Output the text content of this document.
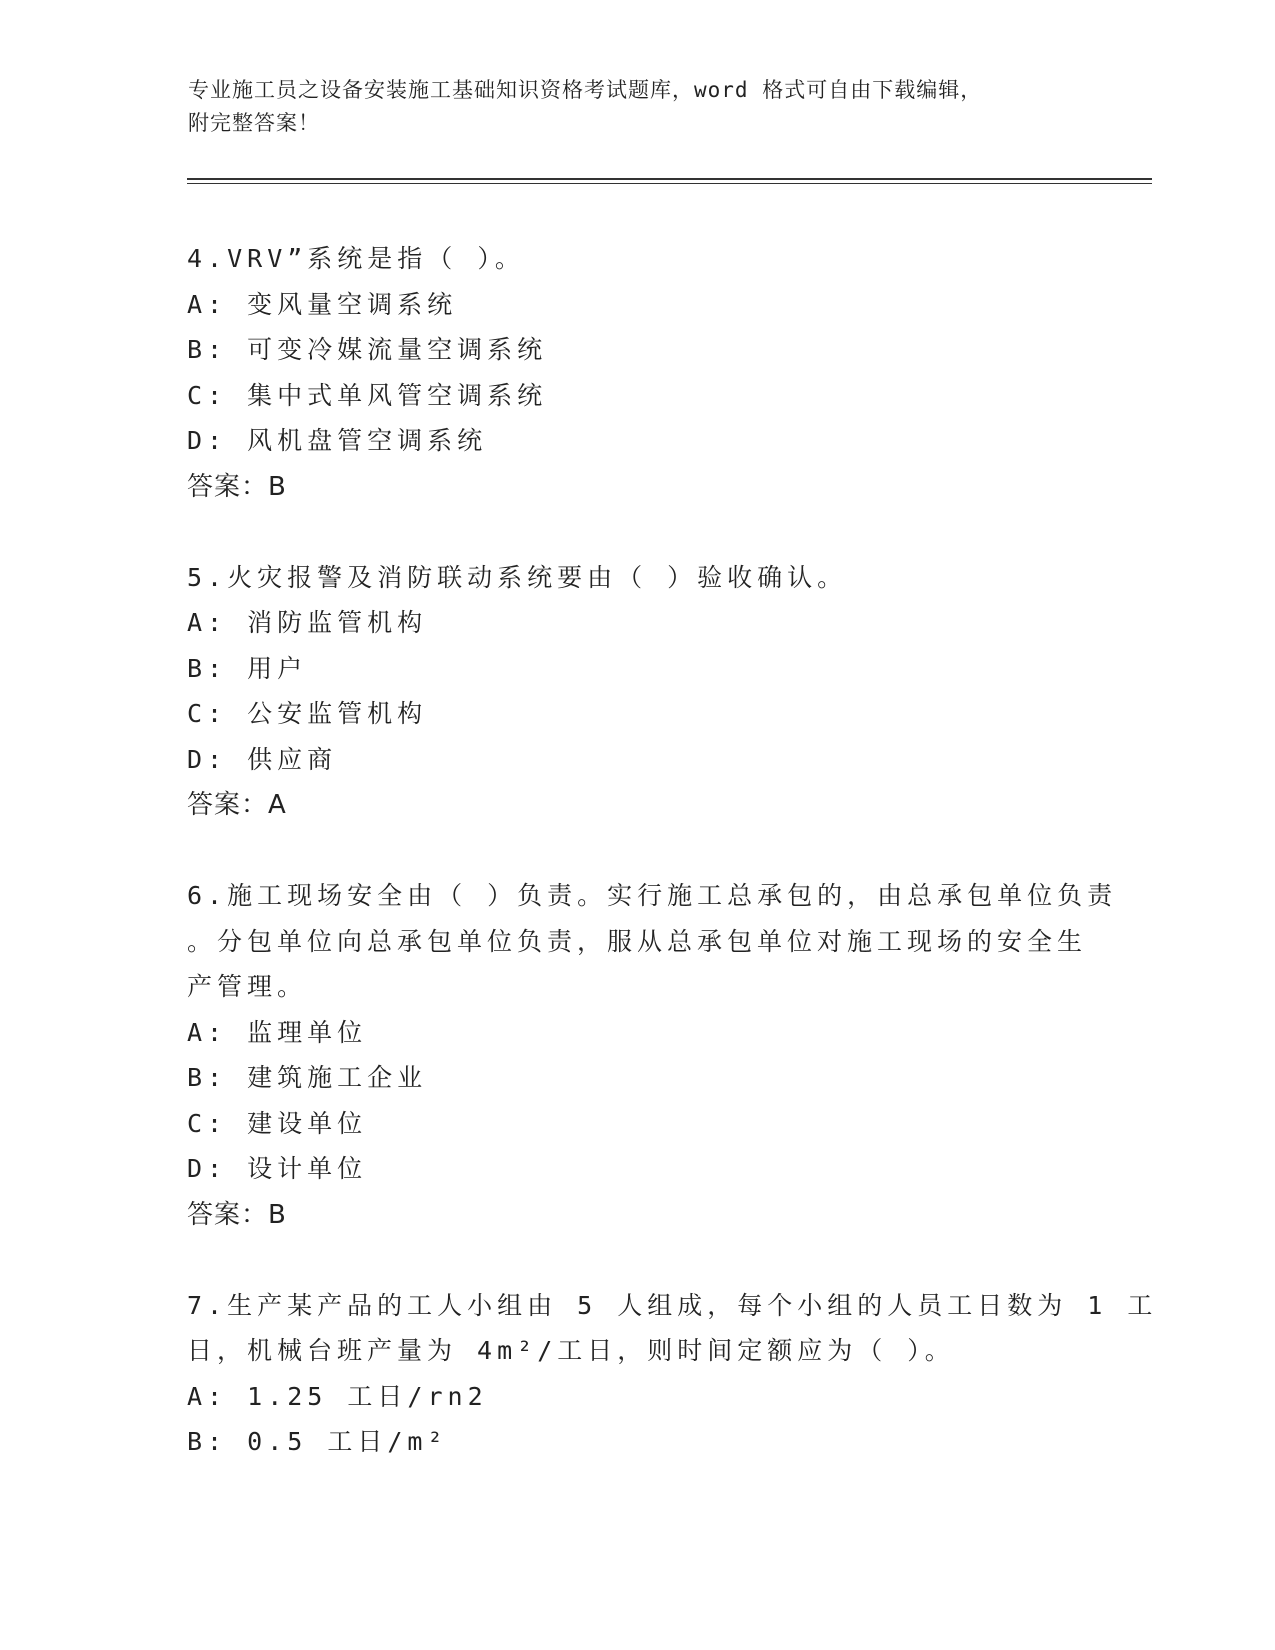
专业施工员之设备安装施工基础知识资格考试题库，word 格式可自由下载编辑，
附完整答案！
4.VRV”系统是指（ ）。
A: 变风量空调系统
B: 可变冷媒流量空调系统
C: 集中式单风管空调系统
D: 风机盘管空调系统
答案：B
5.火灾报警及消防联动系统要由（ ）验收确认。
A: 消防监管机构
B: 用户
C: 公安监管机构
D: 供应商
答案：A
6.施工现场安全由（ ）负责。实行施工总承包的，由总承包单位负责
。分包单位向总承包单位负责，服从总承包单位对施工现场的安全生
产管理。
A: 监理单位
B: 建筑施工企业
C: 建设单位
D: 设计单位
答案：B
7.生产某产品的工人小组由 5 人组成，每个小组的人员工日数为 1 工
日，机械台班产量为 4m²/工日，则时间定额应为（ ）。
A: 1.25 工日/rn2
B: 0.5 工日/m²
